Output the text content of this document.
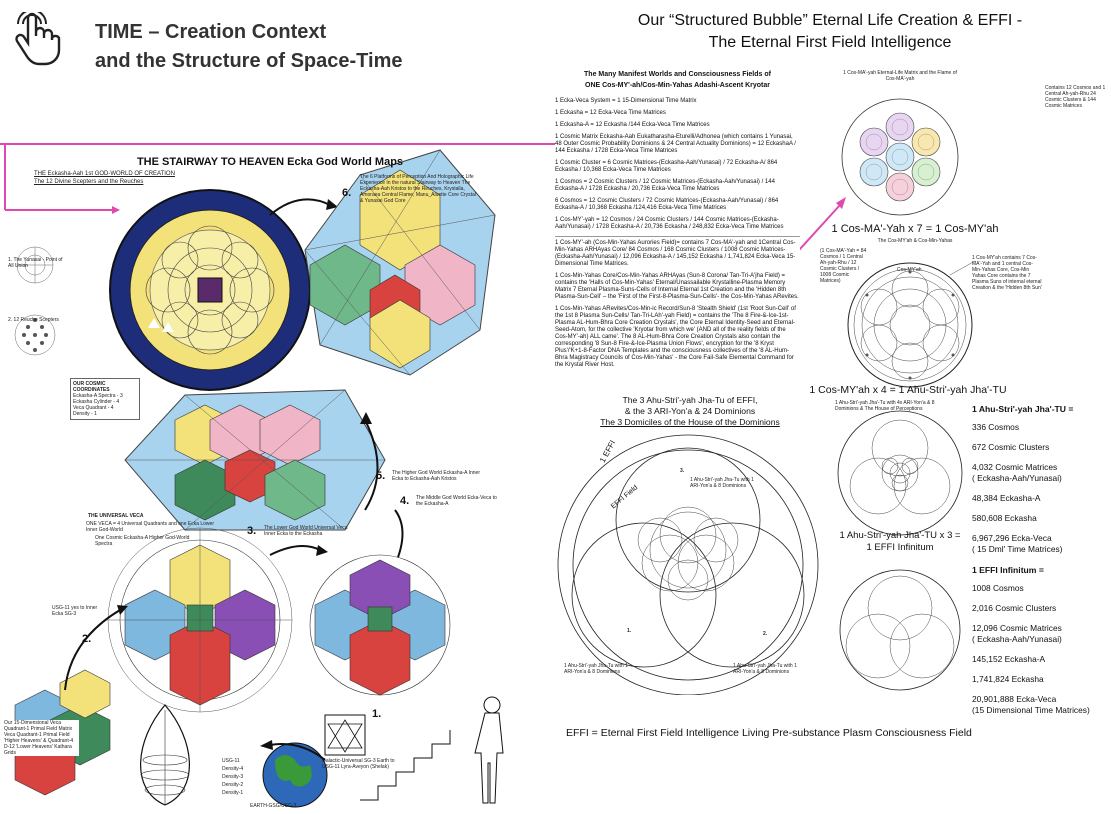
TIME – Creation Context
and the Structure of Space-Time
Our “Structured Bubble” Eternal Life Creation & EFFI -
The Eternal First Field Intelligence
THE STAIRWAY TO HEAVEN Ecka God World Maps
THE Eckasha-Aah 1st GOD-WORLD OF CREATION
The 12 Divine Scepters and the Reuches
6.
The 6 Platforms of Perception And Holographic Life Experience In the natural Stairway to Heaven The Eckasha-Aah Kristos to the Reuches, Krystalla, Amoraea Central Flame, Manu_Aluette Core Crystal & Yunasai God Core
1. The Yunasai - Point of All Union
2. 12 Reuche Scepters
OUR COSMIC COORDINATES
Eckasha-A Spectra - 3
Eckasha Cylinder - 4
Veca Quadrant - 4
Density - 1
One Cosmic Eckasha-A Higher God-World Spectra
5. The Higher God World Eckasha-A Inner Ecka to Eckasha-Aah Kristos
4. The Middle God World Ecka-Veca to the Eckasha-A
3. The Lower God World Universal Veca Inner Ecka to the Eckasha
THE UNIVERSAL VECA
ONE VECA = 4 Universal Quadrants and one Ecka Lower Inner God-World
USG-11 yes to Inner Ecka SG-3
2.
Our 15-Dimensional Veca Quadrant-1 Primal Field Matrix Veca Quadrant-1 Primal Field 'Higher Heavens' & Quadrant-4 D-12 'Lower Heavens' Kathara Grids
USG-11
Density-4
Density-3
Density-2
Density-1
Galactic-Universal SG-3 Earth to USG-11 Lyra-Aveyon (Shelak)
1.
EARTH-GSG/USG-3
The Many Manifest Worlds and Consciousness Fields of
ONE Cos-MY'-ah/Cos-Min-Yahas Adashi-Ascent Kryotar
1 Ecka-Veca System = 1 15-Dimensional Time Matrix
1 Eckasha = 12 Ecka-Veca Time Matrices
1 Eckasha-A = 12 Eckasha /144 Ecka-Veca Time Matrices
1 Cosmic Matrix Eckasha-Aah Eukatharasha-Eturelli/Adhonea (which contains 1 Yunasai, 48 Outer Cosmic Probability Dominions & 24 Central Actuality Dominions) = 12 EckashaA / 144 Eckasha / 1728 Ecka-Veca Time Matrices
1 Cosmic Cluster = 6 Cosmic Matrices-(Eckasha-Aah/Yunasai) / 72 Eckasha-A/ 864 Eckasha / 10,368 Ecka-Veca Time Matrices
1 Cosmos = 2 Cosmic Clusters / 12 Cosmic Matrices-(Eckasha-Aah/Yunasai) / 144 Eckasha-A / 1728 Eckasha / 20,736 Ecka-Veca Time Matrices
6 Cosmos = 12 Cosmic Clusters / 72 Cosmic Matrices-(Eckasha-Aah/Yunasai) / 864 Eckasha-A / 10,368 Eckasha /124,416 Ecka-Veca Time Matrices
1 Cos-MY'-yah = 12 Cosmos / 24 Cosmic Clusters / 144 Cosmic Matrices-(Eckasha-Aah/Yunasai) / 1728 Eckasha-A / 20,736 Eckasha / 248,832 Ecka-Veca Time Matrices
1 Cos-MY'-ah (Cos-Min-Yahas Aurories Field)= contains 7 Cos-MA'-yah and 1Central Cos-Min-Yahas ARHAyas Core/ 84 Cosmos / 168 Cosmic Clusters / 1008 Cosmic Matrices-(Eckasha-Aah/Yunasai) / 12,096 Eckasha-A / 145,152 Eckasha / 1,741,824 Ecka-Veca 15-Dimensional Time Matrices.
1 Cos-Min-Yahas Core/Cos-Min-Yahas ARHAyas (Sun-8 Corona/ Tan-Tri-A'jha Field) = contains the 'Halls of Cos-Min-Yahas' Eternal/Unassailable Krystalline-Plasma Memory Matrix 7 Eternal Plasma-Suns-Cells of Internal Eternal 1st Creation and the 'Hidden 8th Plasma-Sun-Cell' – the 'First of the First-8-Plasma-Sun-Cells'- the Cos-Min-Yahas ARevites.
1 Cos-Min-Yahas ARevites/Cos-Min-ic Record/Sun-8 'Stealth Shield' (1st 'Root Sun-Cell' of the 1st 8 Plasma Sun-Cells/ Tan-Tri-LAh'-yah Field) = contains the 'The 8 Fire-&-Ice-1st-Plasma AL-Hum-Bhra Core Creation Crystals', the Core Eternal Identity-Seed and Eternal-Seed-Atom, for the collective 'Kryotar from which we' (AND all of the reality fields of the Cos-MY'-ah) ALL came'. The 8 AL-Hum-Bhra Core Creation Crystals also contain the corresponding '8 Sun-8 Fire-&-Ice-Plasma Union Flows', encryption for the '8 Kryst Plus'/'K+1-8-Factor DNA Templates and the consciousness collectives of the '8 AL-Hum-Bhra Magistracy Councils of Cos-Min-Yahas' - the Core Fail-Safe Elemental Command for the Krystal River Host.
1 Cos-MA'-yah Eternal-Life Matrix and the Flame of Cos-MA'-yah
Contains 12 Cosmos and 1 Central Ah-yah-Rhu 24 Cosmic Clusters & 144 Cosmic Matrices
1 Cos-MA'-Yah x 7 = 1 Cos-MY'ah
The Cos-MY'ah & Cos-Min-Yahas
(1 Cos-MA'-Yah = 84 Cosmos / 1 Central Ah-yah-Rhu / 12 Cosmic Clusters / 1008 Cosmic Matrices)
1 Cos-MY'ah contains 7 Cos-MA'-Yah and 1 central Cos-Min-Yahas Core, Cos-Min Yahas Core contains the 7 Plasma Suns of internal eternal Creation & the 'Hidden 8th Sun'
Cos-MY'ah
The 3 Ahu-Stri'-yah Jha-Tu of EFFI,
& the 3 ARI-Yon'a & 24 Dominions
The 3 Domiciles of the House of the Dominions
1 EFFI
EFFI Field
3.
1 Ahu-Stri'-yah Jha-Tu with 1 ARI-Yon'a & 8 Dominions
1.	2.
1 Ahu-Stri'-yah Jha-Tu with 1 ARI-Yon'a & 8 Dominions
1 Ahu-Stri'-yah Jha-Tu with 1 ARI-Yon'a & 8 Dominions
EFFI = Eternal First Field Intelligence Living Pre-substance Plasm Consciousness Field
1 Cos-MY'ah x 4 = 1 Ahu-Stri'-yah Jha'-TU
1 Ahu-Stri'-yah Jha'-Tu with 4x ARI-Yon'a & 8 Dominions & The House of Perceptions
1 Ahu-Stri'-yah Jha'-TU x 3 =
1 EFFI Infinitum
1 Ahu-Stri'-yah Jha'-TU =
336 Cosmos
672 Cosmic Clusters
4,032 Cosmic Matrices
( Eckasha-Aah/Yunasai)
48,384 Eckasha-A
580,608 Eckasha
6,967,296 Ecka-Veca
( 15 Dml' Time Matrices)
1 EFFI Infinitum =
1008 Cosmos
2,016 Cosmic Clusters
12,096 Cosmic Matrices
( Eckasha-Aah/Yunasai)
145,152 Eckasha-A
1,741,824 Eckasha
20,901,888 Ecka-Veca
(15 Dimensional Time Matrices)
